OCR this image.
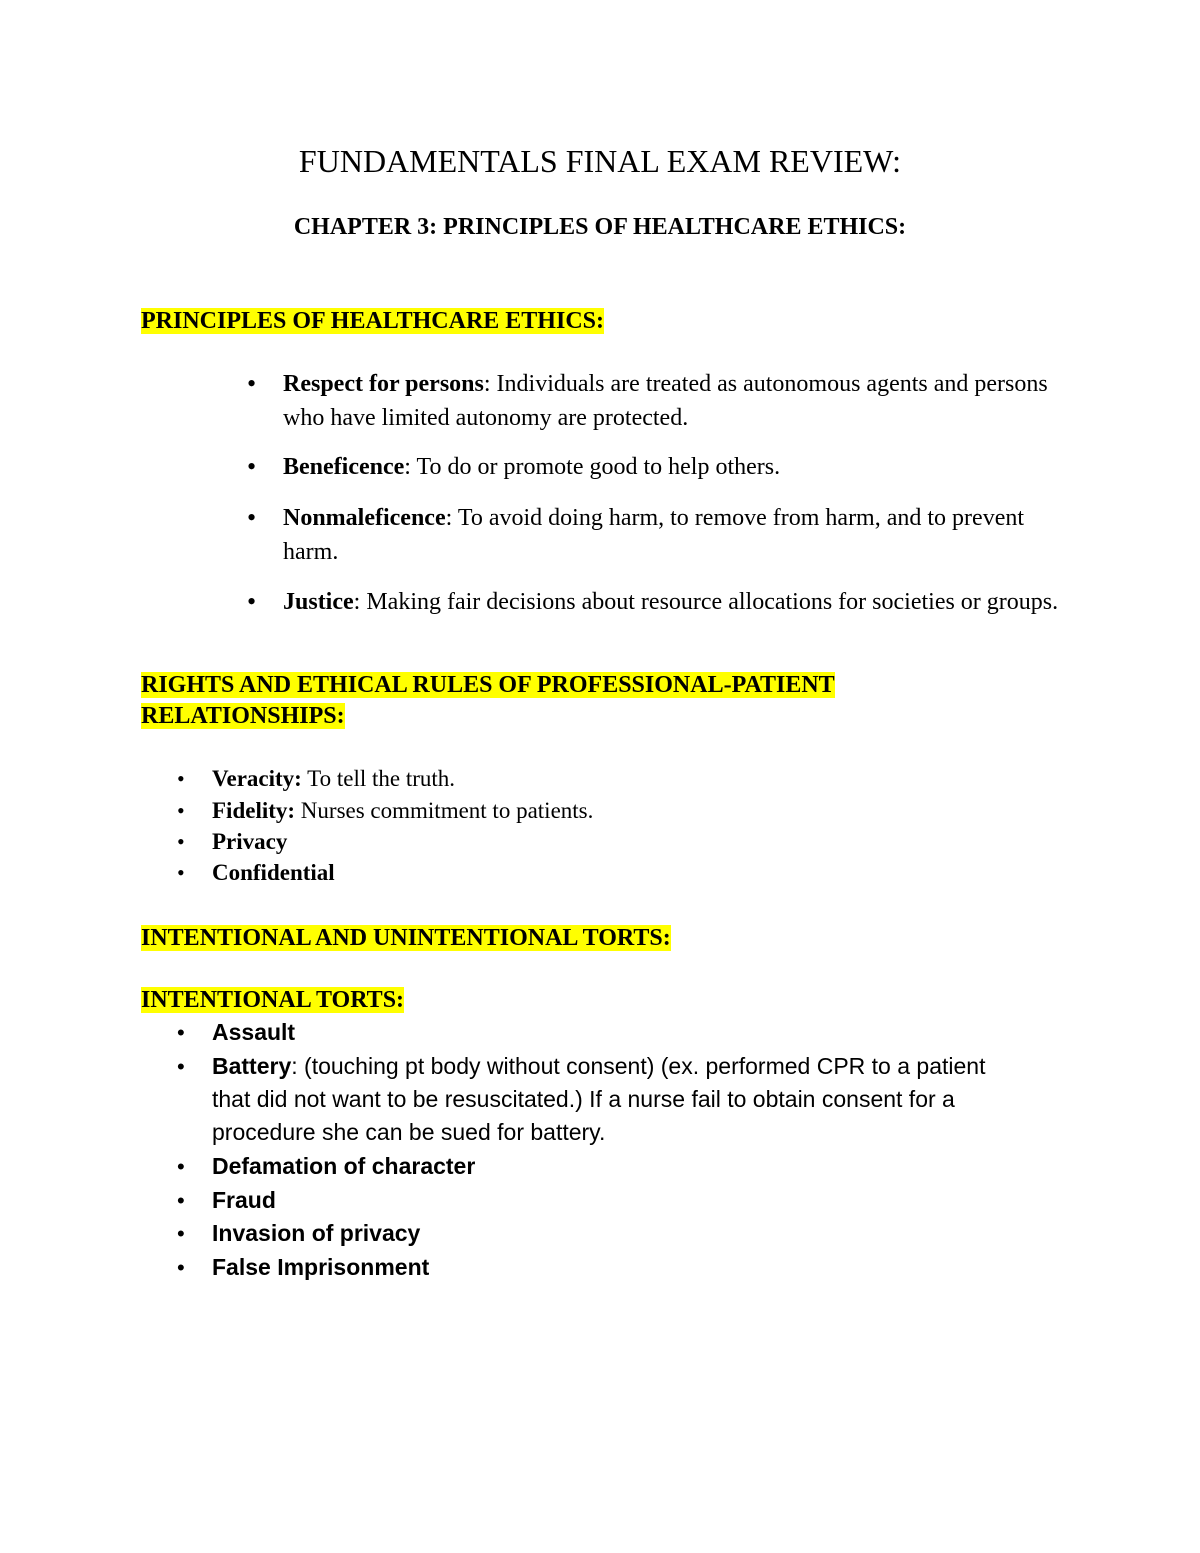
FUNDAMENTALS FINAL EXAM REVIEW:
CHAPTER 3: PRINCIPLES OF HEALTHCARE ETHICS:
PRINCIPLES OF HEALTHCARE ETHICS:
• Respect for persons: Individuals are treated as autonomous agents and persons who have limited autonomy are protected.
• Beneficence: To do or promote good to help others.
• Nonmaleficence: To avoid doing harm, to remove from harm, and to prevent harm.
• Justice: Making fair decisions about resource allocations for societies or groups.
RIGHTS AND ETHICAL RULES OF PROFESSIONAL-PATIENT
RELATIONSHIPS:
• Veracity: To tell the truth.
• Fidelity: Nurses commitment to patients.
• Privacy
• Confidential
INTENTIONAL AND UNINTENTIONAL TORTS:
INTENTIONAL TORTS:
• Assault
• Battery: (touching pt body without consent) (ex. performed CPR to a patient that did not want to be resuscitated.) If a nurse fail to obtain consent for a procedure she can be sued for battery.
• Defamation of character
• Fraud
• Invasion of privacy
• False Imprisonment
